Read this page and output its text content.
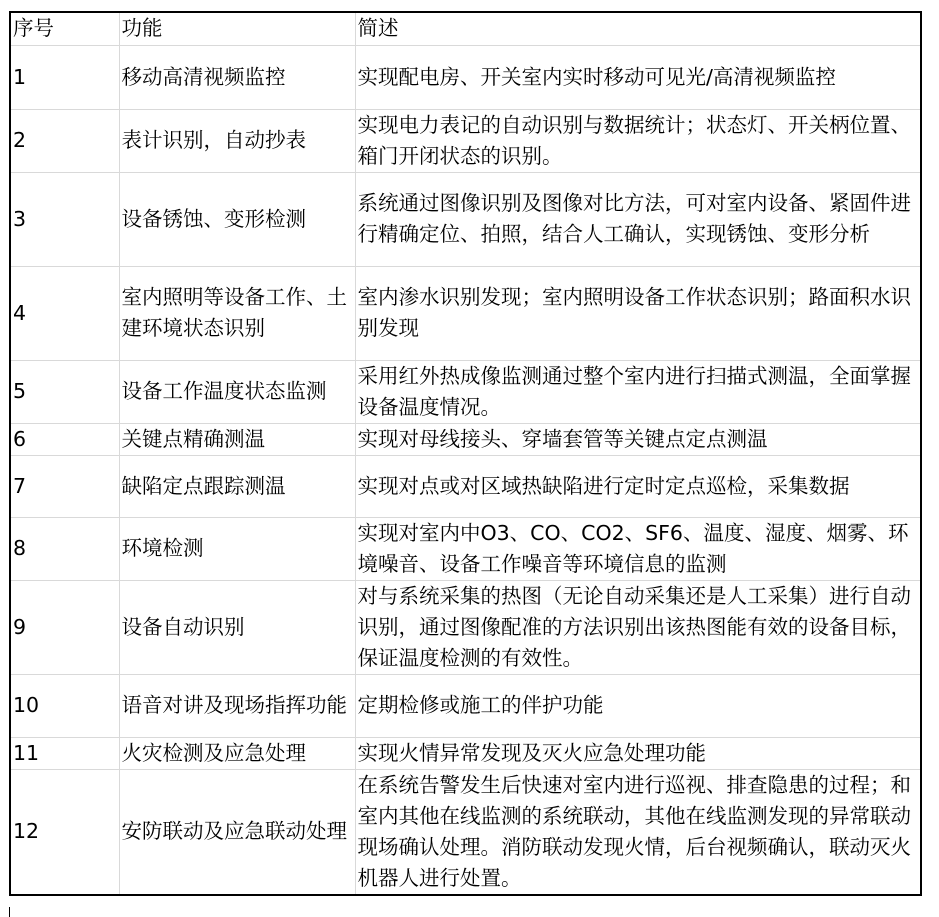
序号	功能	简述
1	移动高清视频监控	实现配电房、开关室内实时移动可见光/高清视频监控
2	表计识别，自动抄表	实现电力表记的自动识别与数据统计；状态灯、开关柄位置、箱门开闭状态的识别。
3	设备锈蚀、变形检测	系统通过图像识别及图像对比方法，可对室内设备、紧固件进行精确定位、拍照，结合人工确认，实现锈蚀、变形分析
4	室内照明等设备工作、土建环境状态识别	室内渗水识别发现；室内照明设备工作状态识别；路面积水识别发现
5	设备工作温度状态监测	采用红外热成像监测通过整个室内进行扫描式测温，全面掌握设备温度情况。
6	关键点精确测温	实现对母线接头、穿墙套管等关键点定点测温
7	缺陷定点跟踪测温	实现对点或对区域热缺陷进行定时定点巡检，采集数据
8	环境检测	实现对室内中O3、CO、CO2、SF6、温度、湿度、烟雾、环境噪音、设备工作噪音等环境信息的监测
9	设备自动识别	对与系统采集的热图（无论自动采集还是人工采集）进行自动识别，通过图像配准的方法识别出该热图能有效的设备目标，保证温度检测的有效性。
10	语音对讲及现场指挥功能	定期检修或施工的伴护功能
11	火灾检测及应急处理	实现火情异常发现及灭火应急处理功能
12	安防联动及应急联动处理	在系统告警发生后快速对室内进行巡视、排查隐患的过程；和室内其他在线监测的系统联动，其他在线监测发现的异常联动现场确认处理。消防联动发现火情，后台视频确认，联动灭火机器人进行处置。
